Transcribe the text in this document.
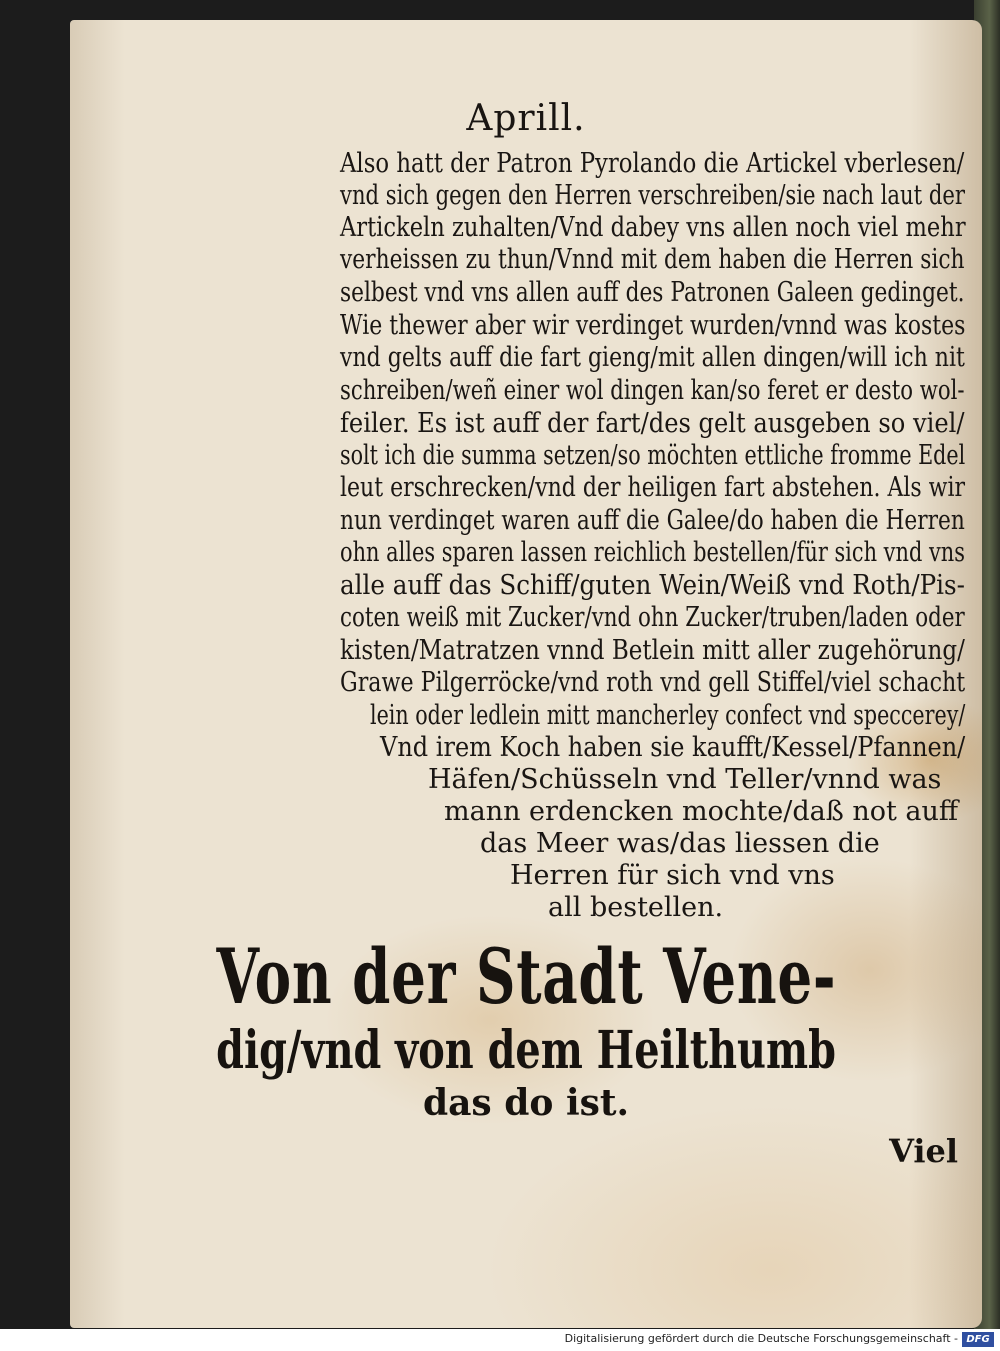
Aprill.
Also hatt der Patron Pyrolando die Artickel vberlesen/
vnd sich gegen den Herren verschreiben/sie nach laut der
Artickeln zuhalten/Vnd dabey vns allen noch viel mehr
verheissen zu thun/Vnnd mit dem haben die Herren sich
selbest vnd vns allen auff des Patronen Galeen gedinget.
Wie thewer aber wir verdinget wurden/vnnd was kostes
vnd gelts auff die fart gieng/mit allen dingen/will ich nit
schreiben/weñ einer wol dingen kan/so feret er desto wol-
feiler. Es ist auff der fart/des gelt ausgeben so viel/
solt ich die summa setzen/so möchten ettliche fromme Edel
leut erschrecken/vnd der heiligen fart abstehen. Als wir
nun verdinget waren auff die Galee/do haben die Herren
ohn alles sparen lassen reichlich bestellen/für sich vnd vns
alle auff das Schiff/guten Wein/Weiß vnd Roth/Pis-
coten weiß mit Zucker/vnd ohn Zucker/truben/laden oder
kisten/Matratzen vnnd Betlein mitt aller zugehörung/
Grawe Pilgerröcke/vnd roth vnd gell Stiffel/viel schacht
lein oder ledlein mitt mancherley confect vnd speccerey/
Vnd irem Koch haben sie kaufft/Kessel/Pfannen/
Häfen/Schüsseln vnd Teller/vnnd was
mann erdencken mochte/daß not auff
das Meer was/das liessen die
Herren für sich vnd vns
all bestellen.
Von der Stadt Vene-
dig/vnd von dem Heilthumb
das do ist.
Viel
Digitalisierung gefördert durch die Deutsche Forschungsgemeinschaft - DFG
